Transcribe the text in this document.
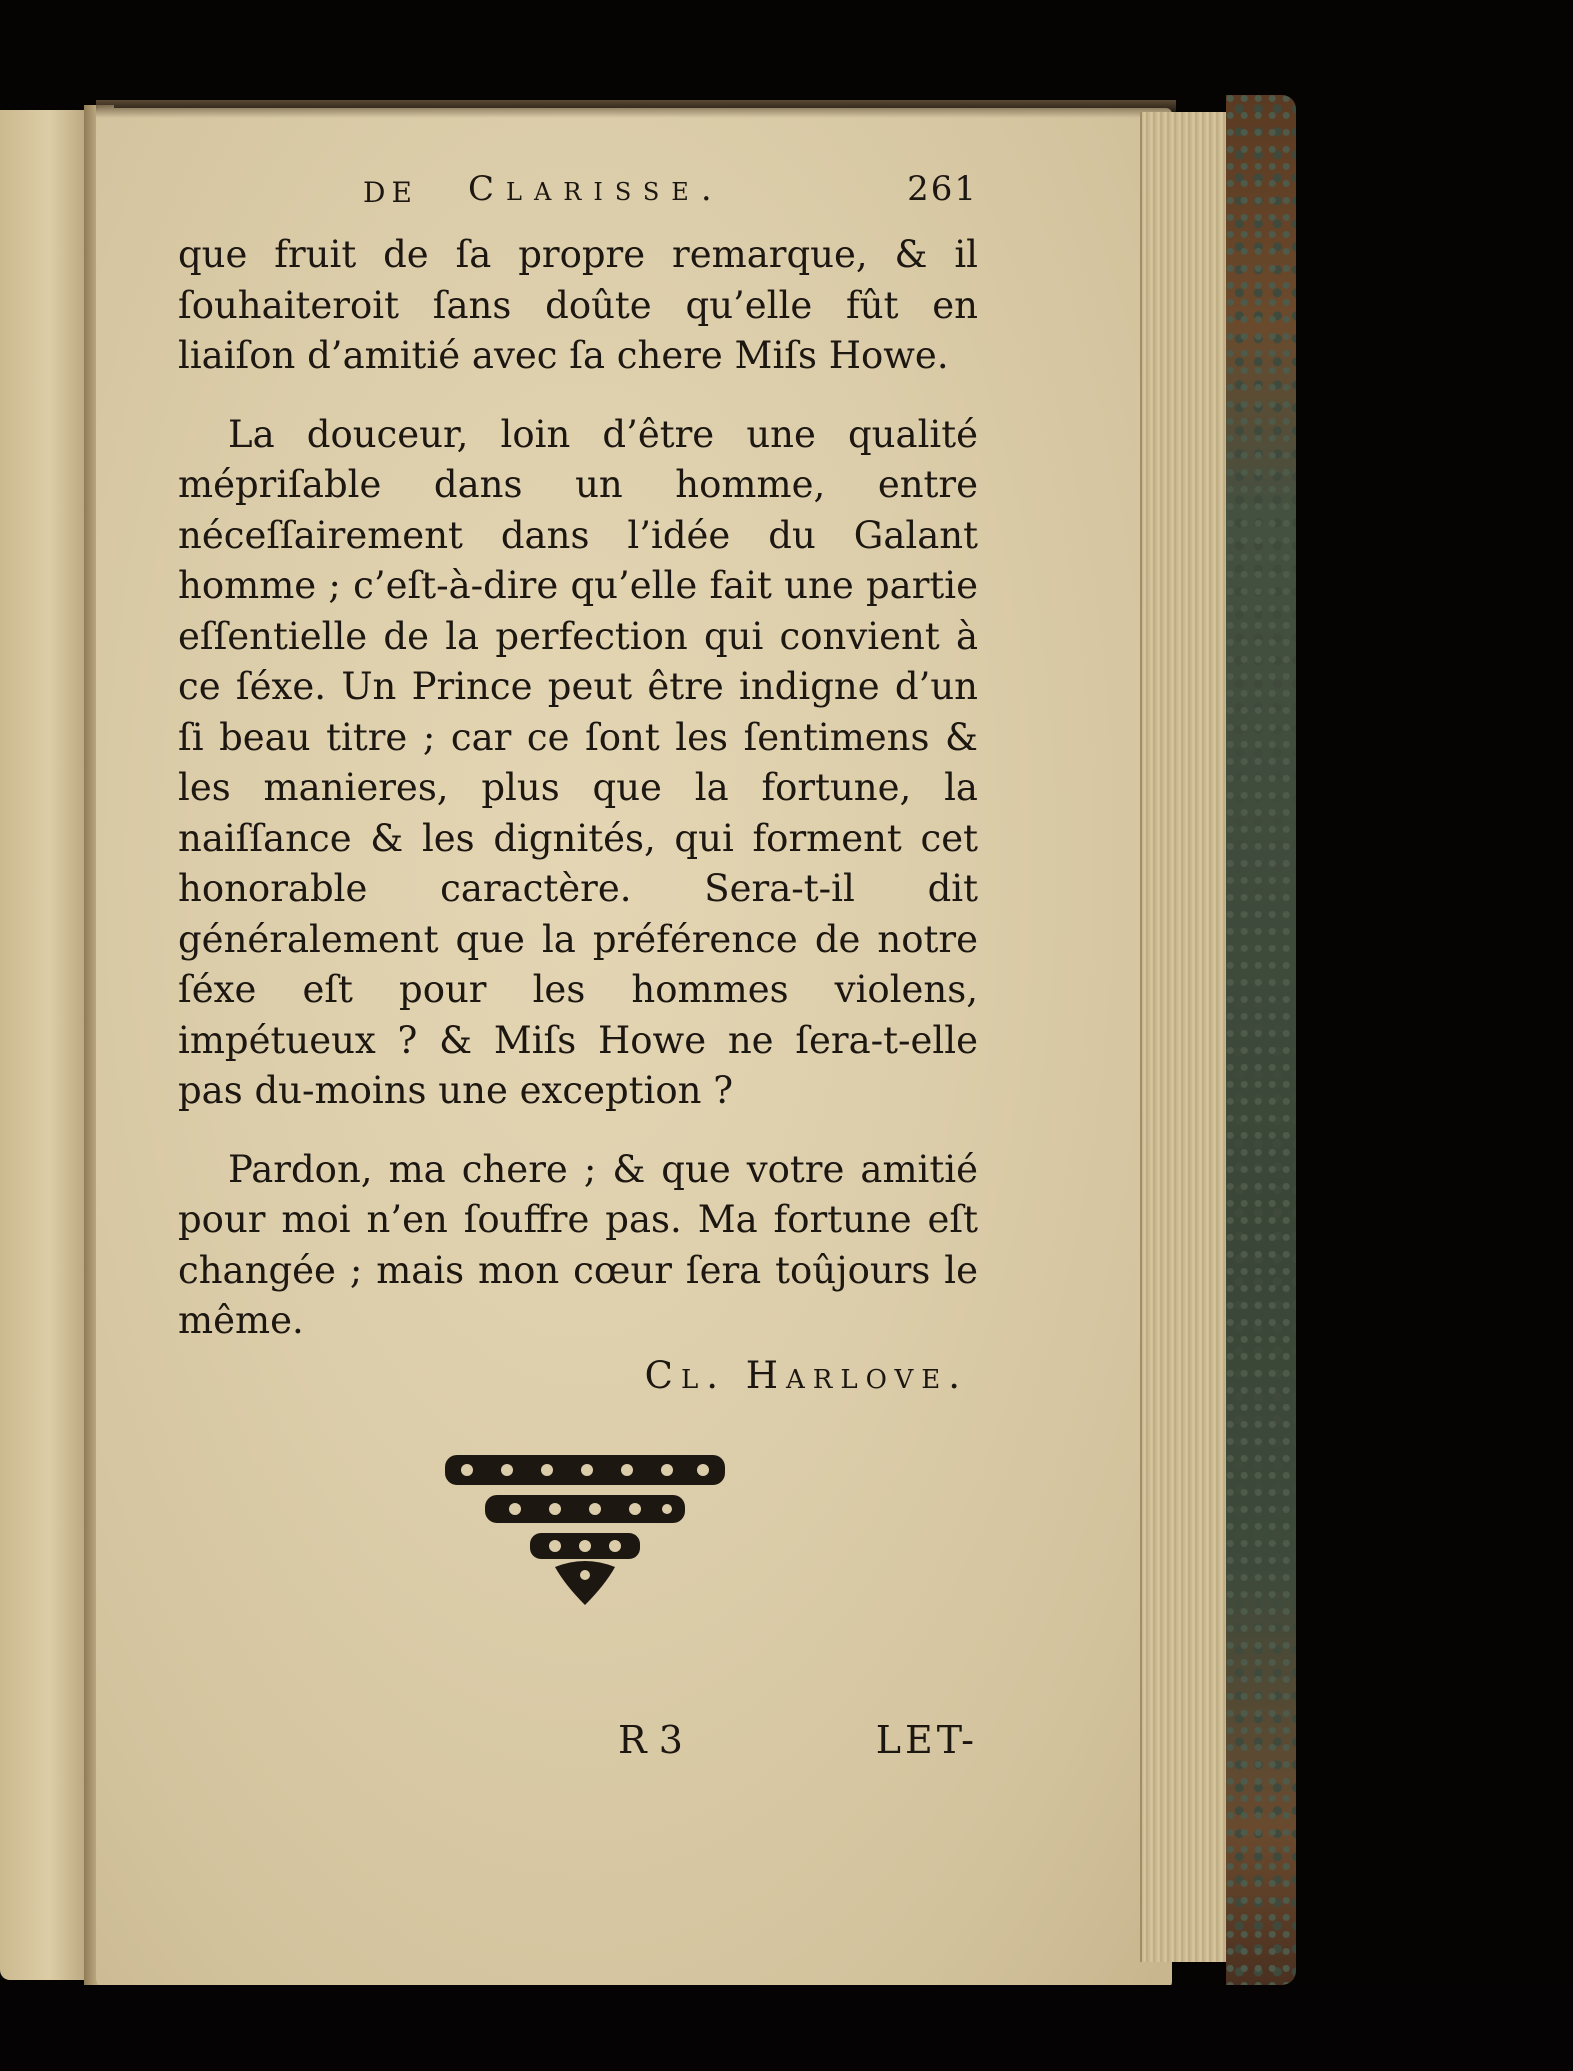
DE Clarisse.	261

que fruit de ſa propre remarque, & il ſouhaiteroit ſans doûte qu’elle fût en liaiſon d’amitié avec ſa chere Miſs Howe.

La douceur, loin d’être une qualité mépriſable dans un homme, entre néceſſairement dans l’idée du Galant homme ; c’eſt-à-dire qu’elle fait une partie eſſentielle de la perfection qui convient à ce ſéxe. Un Prince peut être indigne d’un ſi beau titre ; car ce ſont les ſentimens & les manieres, plus que la fortune, la naiſſance & les dignités, qui forment cet honorable caractère. Sera-t-il dit généralement que la préférence de notre ſéxe eſt pour les hommes violens, impétueux ? & Miſs Howe ne ſera-t-elle pas du-moins une exception ?

Pardon, ma chere ; & que votre amitié pour moi n’en ſouffre pas. Ma fortune eſt changée ; mais mon cœur ſera toûjours le même.

Cl. Harlove.
R 3	LET-
